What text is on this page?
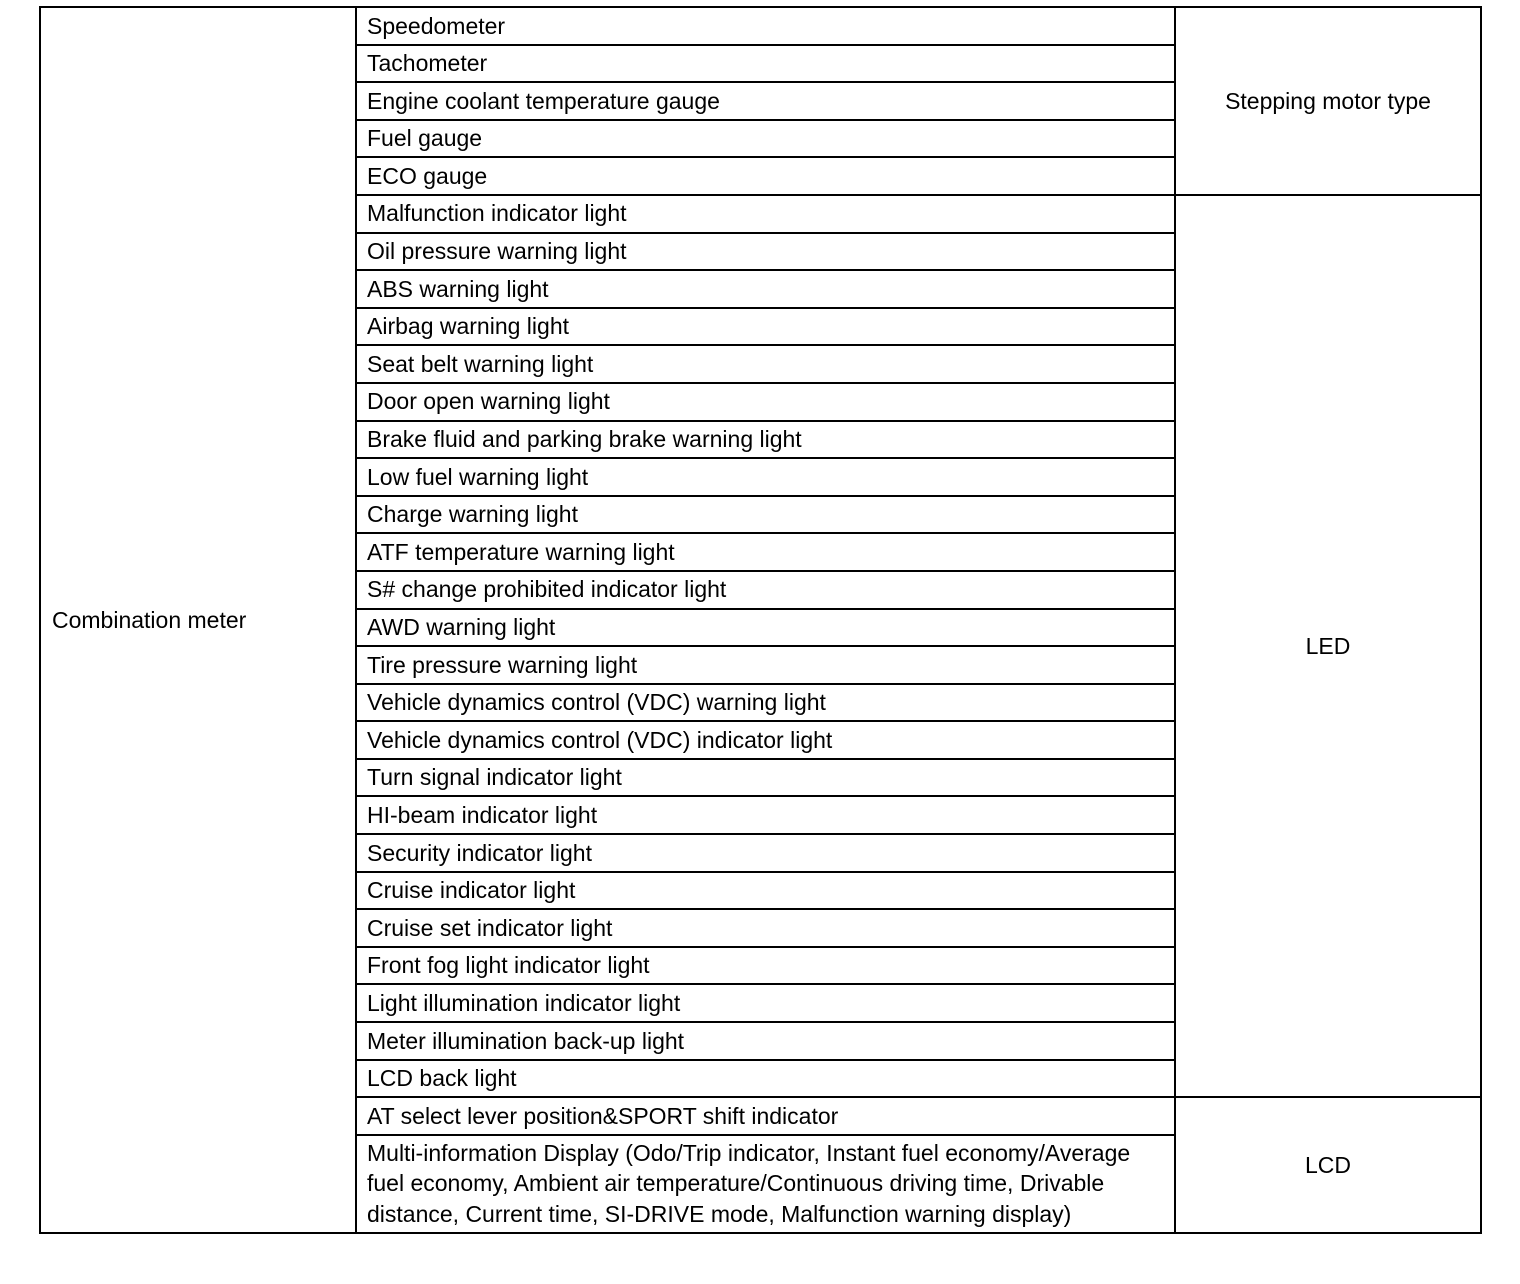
Combination meter	Speedometer	Stepping motor type
	Tachometer	
	Engine coolant temperature gauge	
	Fuel gauge	
	ECO gauge	
	Malfunction indicator light	LED
	Oil pressure warning light	
	ABS warning light	
	Airbag warning light	
	Seat belt warning light	
	Door open warning light	
	Brake fluid and parking brake warning light	
	Low fuel warning light	
	Charge warning light	
	ATF temperature warning light	
	S# change prohibited indicator light	
	AWD warning light	
	Tire pressure warning light	
	Vehicle dynamics control (VDC) warning light	
	Vehicle dynamics control (VDC) indicator light	
	Turn signal indicator light	
	HI-beam indicator light	
	Security indicator light	
	Cruise indicator light	
	Cruise set indicator light	
	Front fog light indicator light	
	Light illumination indicator light	
	Meter illumination back-up light	
	LCD back light	
	AT select lever position&SPORT shift indicator	LCD
	Multi-information Display (Odo/Trip indicator, Instant fuel economy/Average fuel economy, Ambient air temperature/Continuous driving time, Drivable distance, Current time, SI-DRIVE mode, Malfunction warning display)	
